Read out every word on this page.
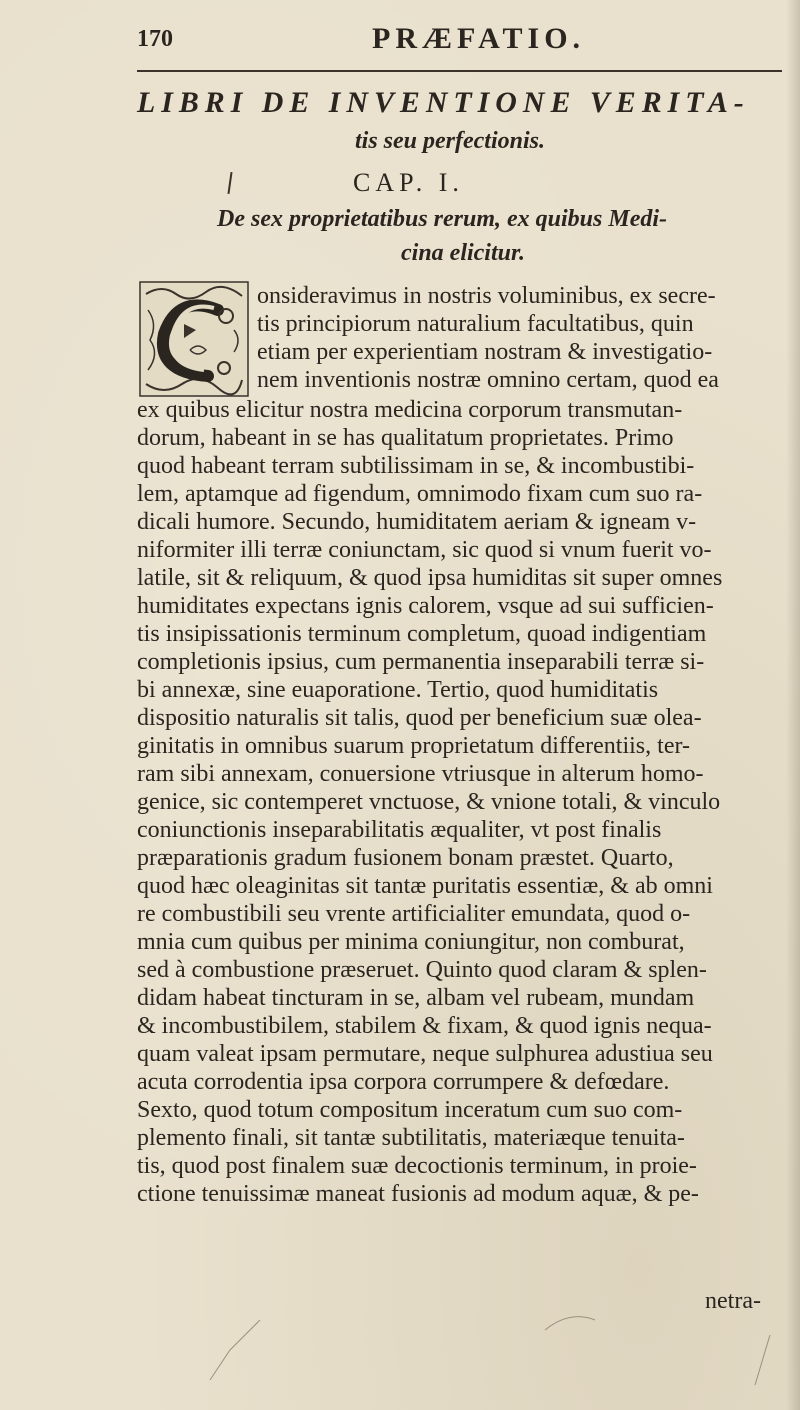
170	PRÆFATIO.
LIBRI DE INVENTIONE VERITA-
tis seu perfectionis.
CAP. I.
De sex proprietatibus rerum, ex quibus Medi-
cina elicitur.
onsideravimus in nostris voluminibus, ex secre-
tis principiorum naturalium facultatibus, quin
etiam per experientiam nostram & investigatio-
nem inventionis nostræ omnino certam, quod ea
ex quibus elicitur nostra medicina corporum transmutan-
dorum, habeant in se has qualitatum proprietates. Primo
quod habeant terram subtilissimam in se, & incombustibi-
lem, aptamque ad figendum, omnimodo fixam cum suo ra-
dicali humore. Secundo, humiditatem aeriam & igneam v-
niformiter illi terræ coniunctam, sic quod si vnum fuerit vo-
latile, sit & reliquum, & quod ipsa humiditas sit super omnes
humiditates expectans ignis calorem, vsque ad sui sufficien-
tis insipissationis terminum completum, quoad indigentiam
completionis ipsius, cum permanentia inseparabili terræ si-
bi annexæ, sine euaporatione. Tertio, quod humiditatis
dispositio naturalis sit talis, quod per beneficium suæ olea-
ginitatis in omnibus suarum proprietatum differentiis, ter-
ram sibi annexam, conuersione vtriusque in alterum homo-
genice, sic contemperet vnctuose, & vnione totali, & vinculo
coniunctionis inseparabilitatis æqualiter, vt post finalis
præparationis gradum fusionem bonam præstet. Quarto,
quod hæc oleaginitas sit tantæ puritatis essentiæ, & ab omni
re combustibili seu vrente artificialiter emundata, quod o-
mnia cum quibus per minima coniungitur, non comburat,
sed à combustione præseruet. Quinto quod claram & splen-
didam habeat tincturam in se, albam vel rubeam, mundam
& incombustibilem, stabilem & fixam, & quod ignis nequa-
quam valeat ipsam permutare, neque sulphurea adustiua seu
acuta corrodentia ipsa corpora corrumpere & defœdare.
Sexto, quod totum compositum inceratum cum suo com-
plemento finali, sit tantæ subtilitatis, materiæque tenuita-
tis, quod post finalem suæ decoctionis terminum, in proie-
ctione tenuissimæ maneat fusionis ad modum aquæ, & pe-
netra-
